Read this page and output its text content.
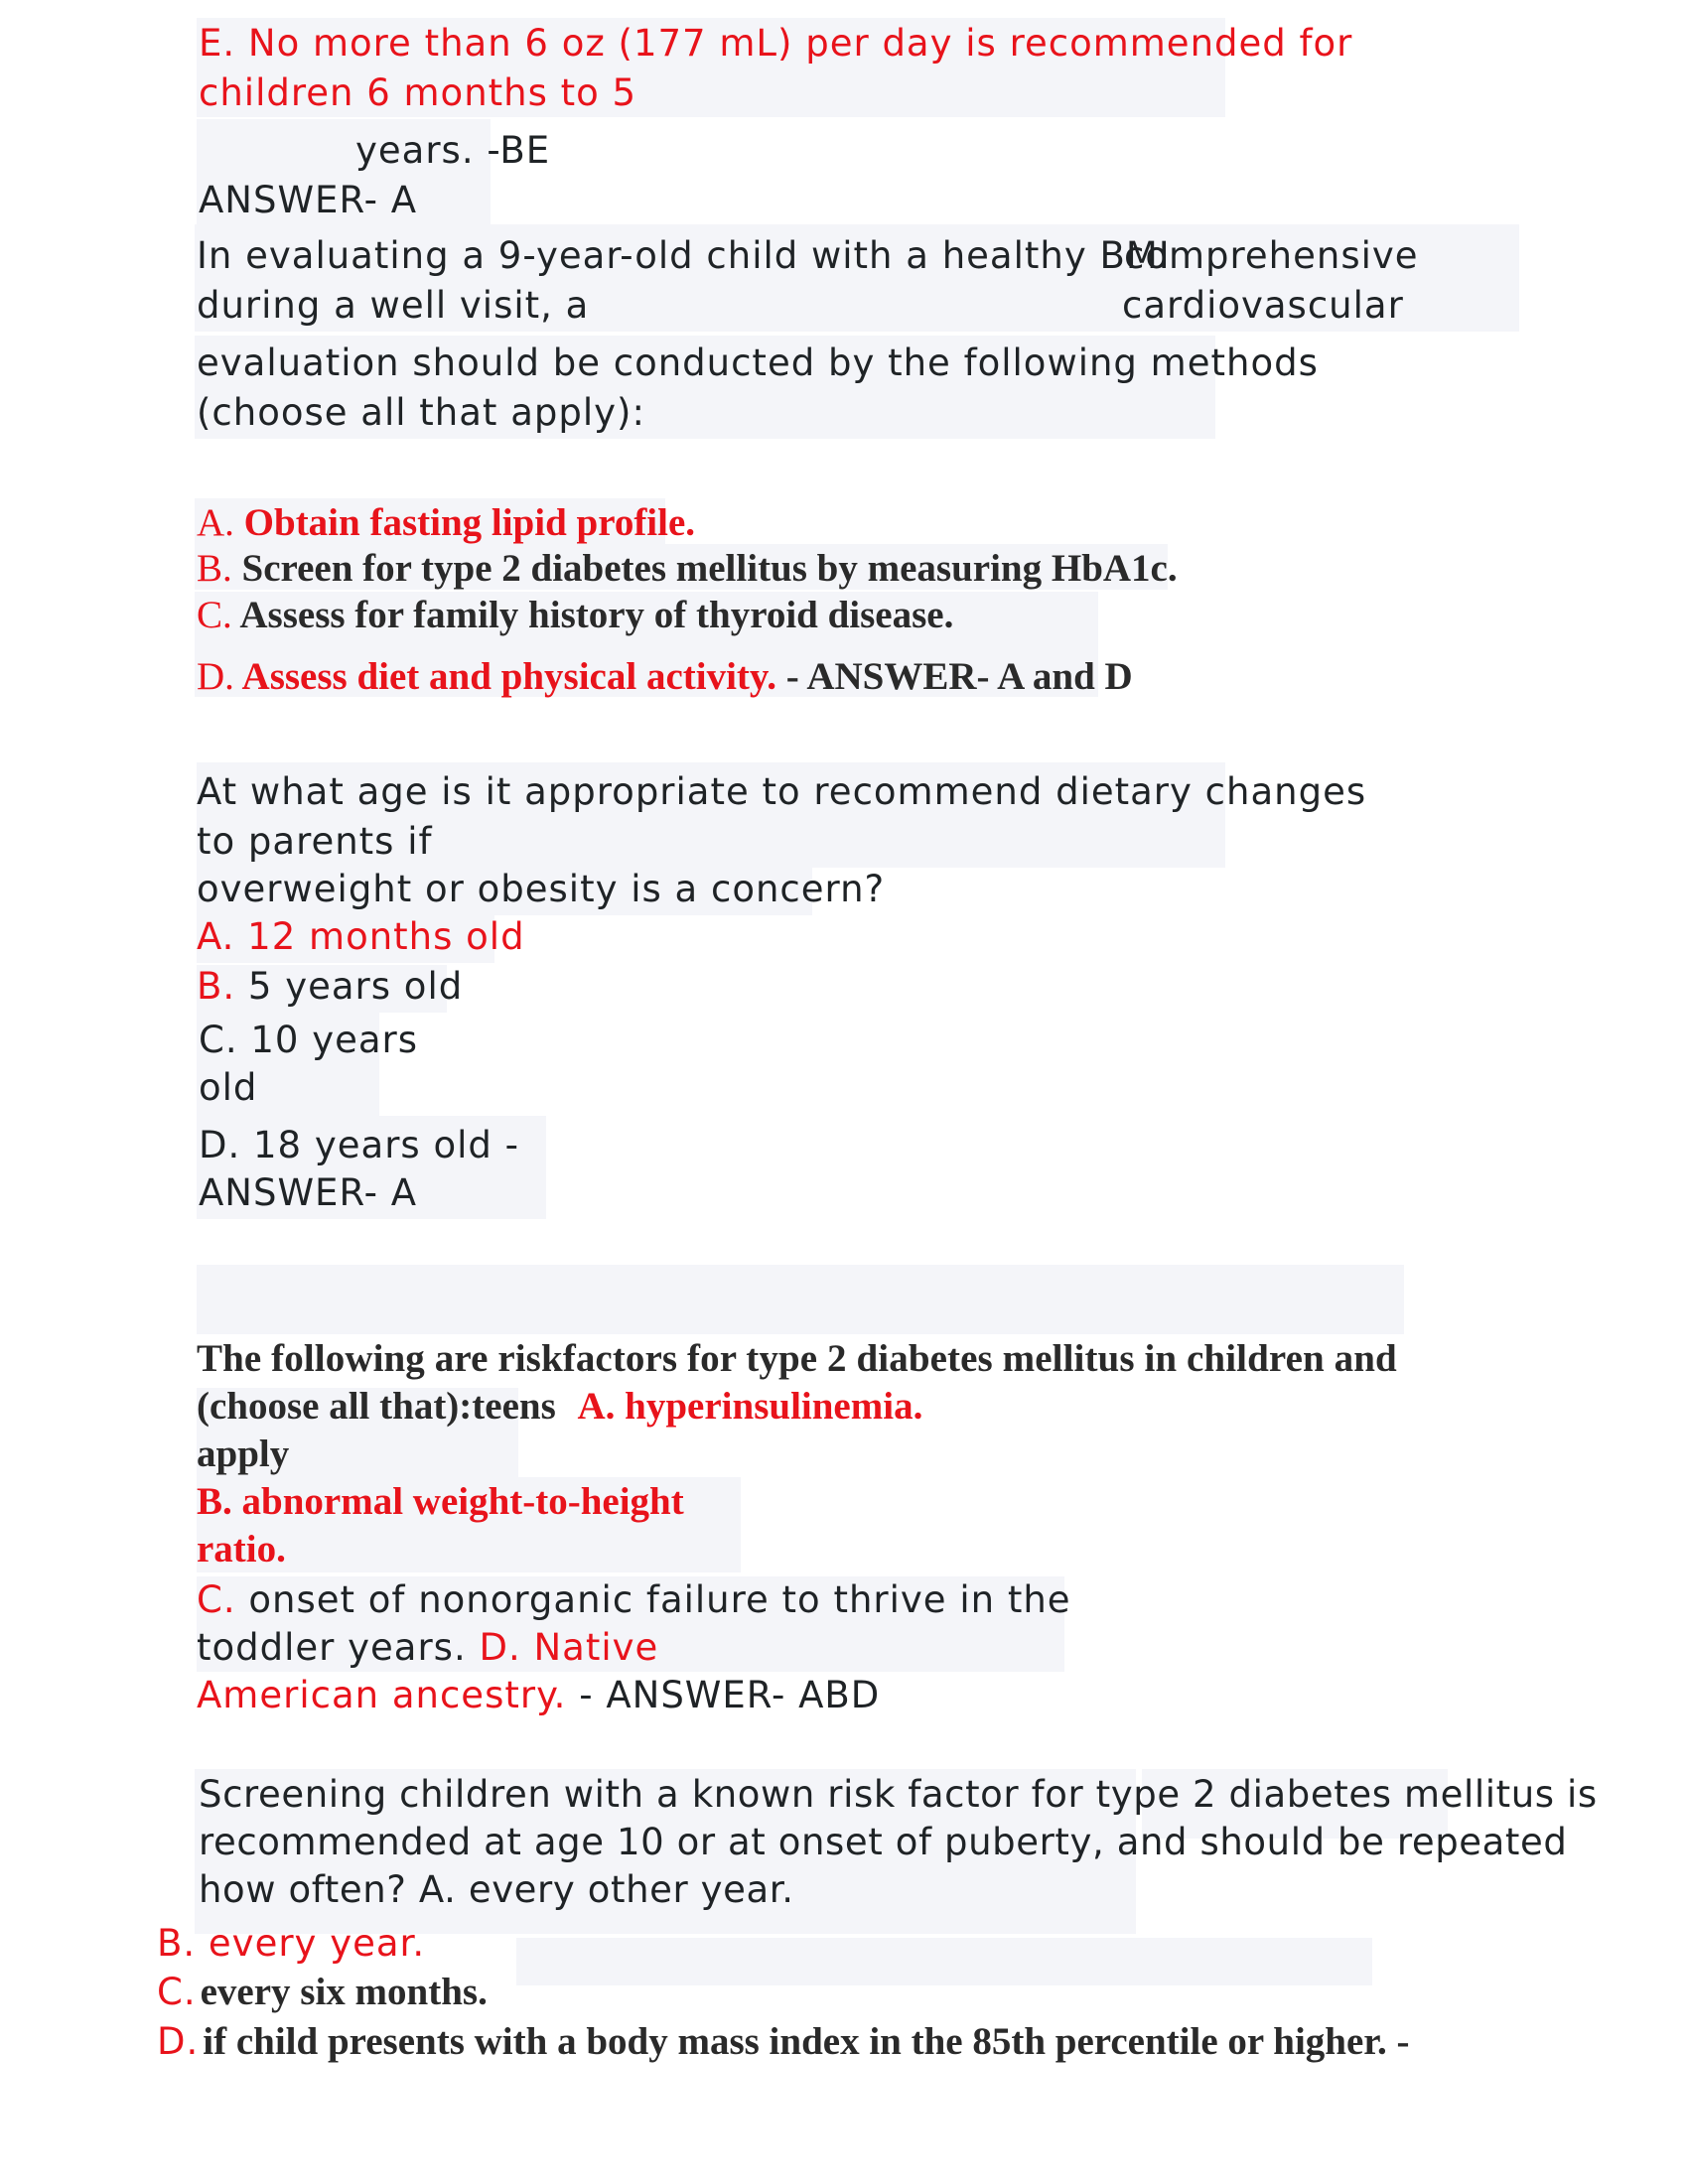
E. No more than 6 oz (177 mL) per day is recommended for

children 6 months to 5

years. -BE

ANSWER- A

In evaluating a 9-year-old child with a healthy BMI

comprehensive

during a well visit, a	cardiovascular

evaluation should be conducted by the following methods

(choose all that apply):

A. Obtain fasting lipid profile.

B. Screen for type 2 diabetes mellitus by measuring HbA1c.

C. Assess for family history of thyroid disease.

D. Assess diet and physical activity. - ANSWER- A and D

At what age is it appropriate to recommend dietary changes

to parents if

overweight or obesity is a concern?

A. 12 months old

B. 5 years old

C. 10 years

old

D. 18 years old -

ANSWER- A

The following are riskfactors for type 2 diabetes mellitus in children and

(choose all that):teens A. hyperinsulinemia.

apply

B. abnormal weight-to-height

ratio.

C. onset of nonorganic failure to thrive in the

toddler years. D. Native

American ancestry. - ANSWER- ABD

Screening children with a known risk factor for type 2 diabetes mellitus is

recommended at age 10 or at onset of puberty, and should be repeated

how often? A. every other year.

B. every year.

C. every six months.

D. if child presents with a body mass index in the 85th percentile or higher. -
